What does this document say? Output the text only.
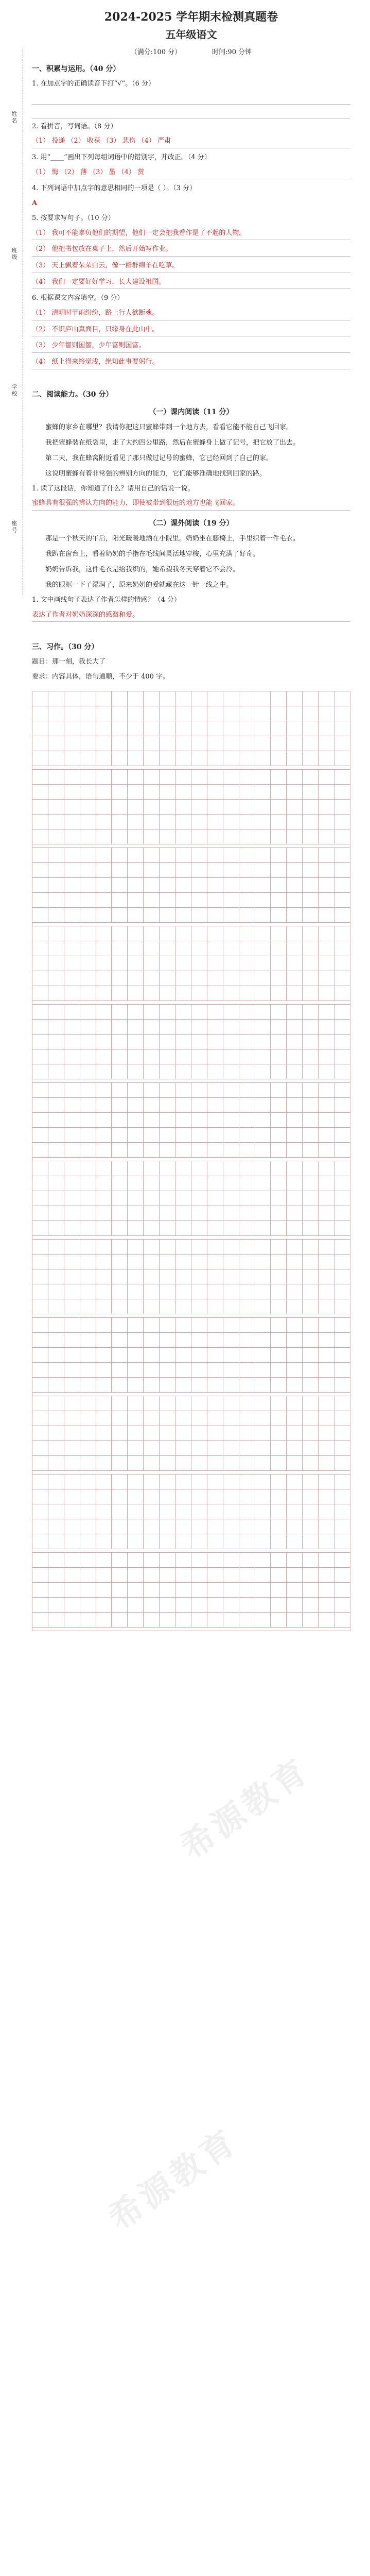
姓名
班级
学校
座号
2024-2025 学年期末检测真题卷
五年级语文
（满分:100 分）	时间:90 分钟
一、积累与运用。（40 分）
1. 在加点字的正确读音下打“√”。（6 分）
2. 看拼音，写词语。（8 分）
（1） 投递 （2） 收获 （3） 悲伤 （4） 严肃
3. 用“____”画出下列每组词语中的错别字，并改正。（4 分）
（1） 悔 （2） 薄 （3） 墨 （4） 赏
4. 下列词语中加点字的意思相同的一项是（ ）。（3 分）
A
5. 按要求写句子。（10 分）
（1） 我可不能辜负他们的期望，他们一定会把我看作是了不起的人物。
（2） 他把书包放在桌子上，然后开始写作业。
（3） 天上飘着朵朵白云，像一群群绵羊在吃草。
（4） 我们一定要好好学习，长大建设祖国。
6. 根据课文内容填空。（9 分）
（1） 清明时节雨纷纷，路上行人欲断魂。
（2） 不识庐山真面目，只缘身在此山中。
（3） 少年智则国智，少年富则国富。
（4） 纸上得来终觉浅，绝知此事要躬行。
二、阅读能力。（30 分）
（一）课内阅读（11 分）

蜜蜂的家乡在哪里？我请你把这只蜜蜂带到一个地方去，看看它能不能自己飞回家。

我把蜜蜂装在纸袋里，走了大约四公里路，然后在蜜蜂身上做了记号，把它放了出去。

第二天，我在蜂窝附近看见了那只做过记号的蜜蜂，它已经回到了自己的家。

这说明蜜蜂有着非常强的辨别方向的能力，它们能够准确地找到回家的路。

1. 读了这段话，你知道了什么？请用自己的话说一说。
蜜蜂具有很强的辨认方向的能力，即使被带到很远的地方也能飞回家。
（二）课外阅读（19 分）

那是一个秋天的午后，阳光暖暖地洒在小院里。奶奶坐在藤椅上，手里织着一件毛衣。

我趴在窗台上，看着奶奶的手指在毛线间灵活地穿梭，心里充满了好奇。

奶奶告诉我，这件毛衣是给我织的，她希望我冬天穿着它不会冷。

我的眼眶一下子湿润了，原来奶奶的爱就藏在这一针一线之中。

1. 文中画线句子表达了作者怎样的情感？（4 分）
表达了作者对奶奶深深的感激和爱。
三、习作。（30 分）
题目：那一刻，我长大了
要求：内容具体，语句通顺，不少于 400 字。
希源教育
希源教育
